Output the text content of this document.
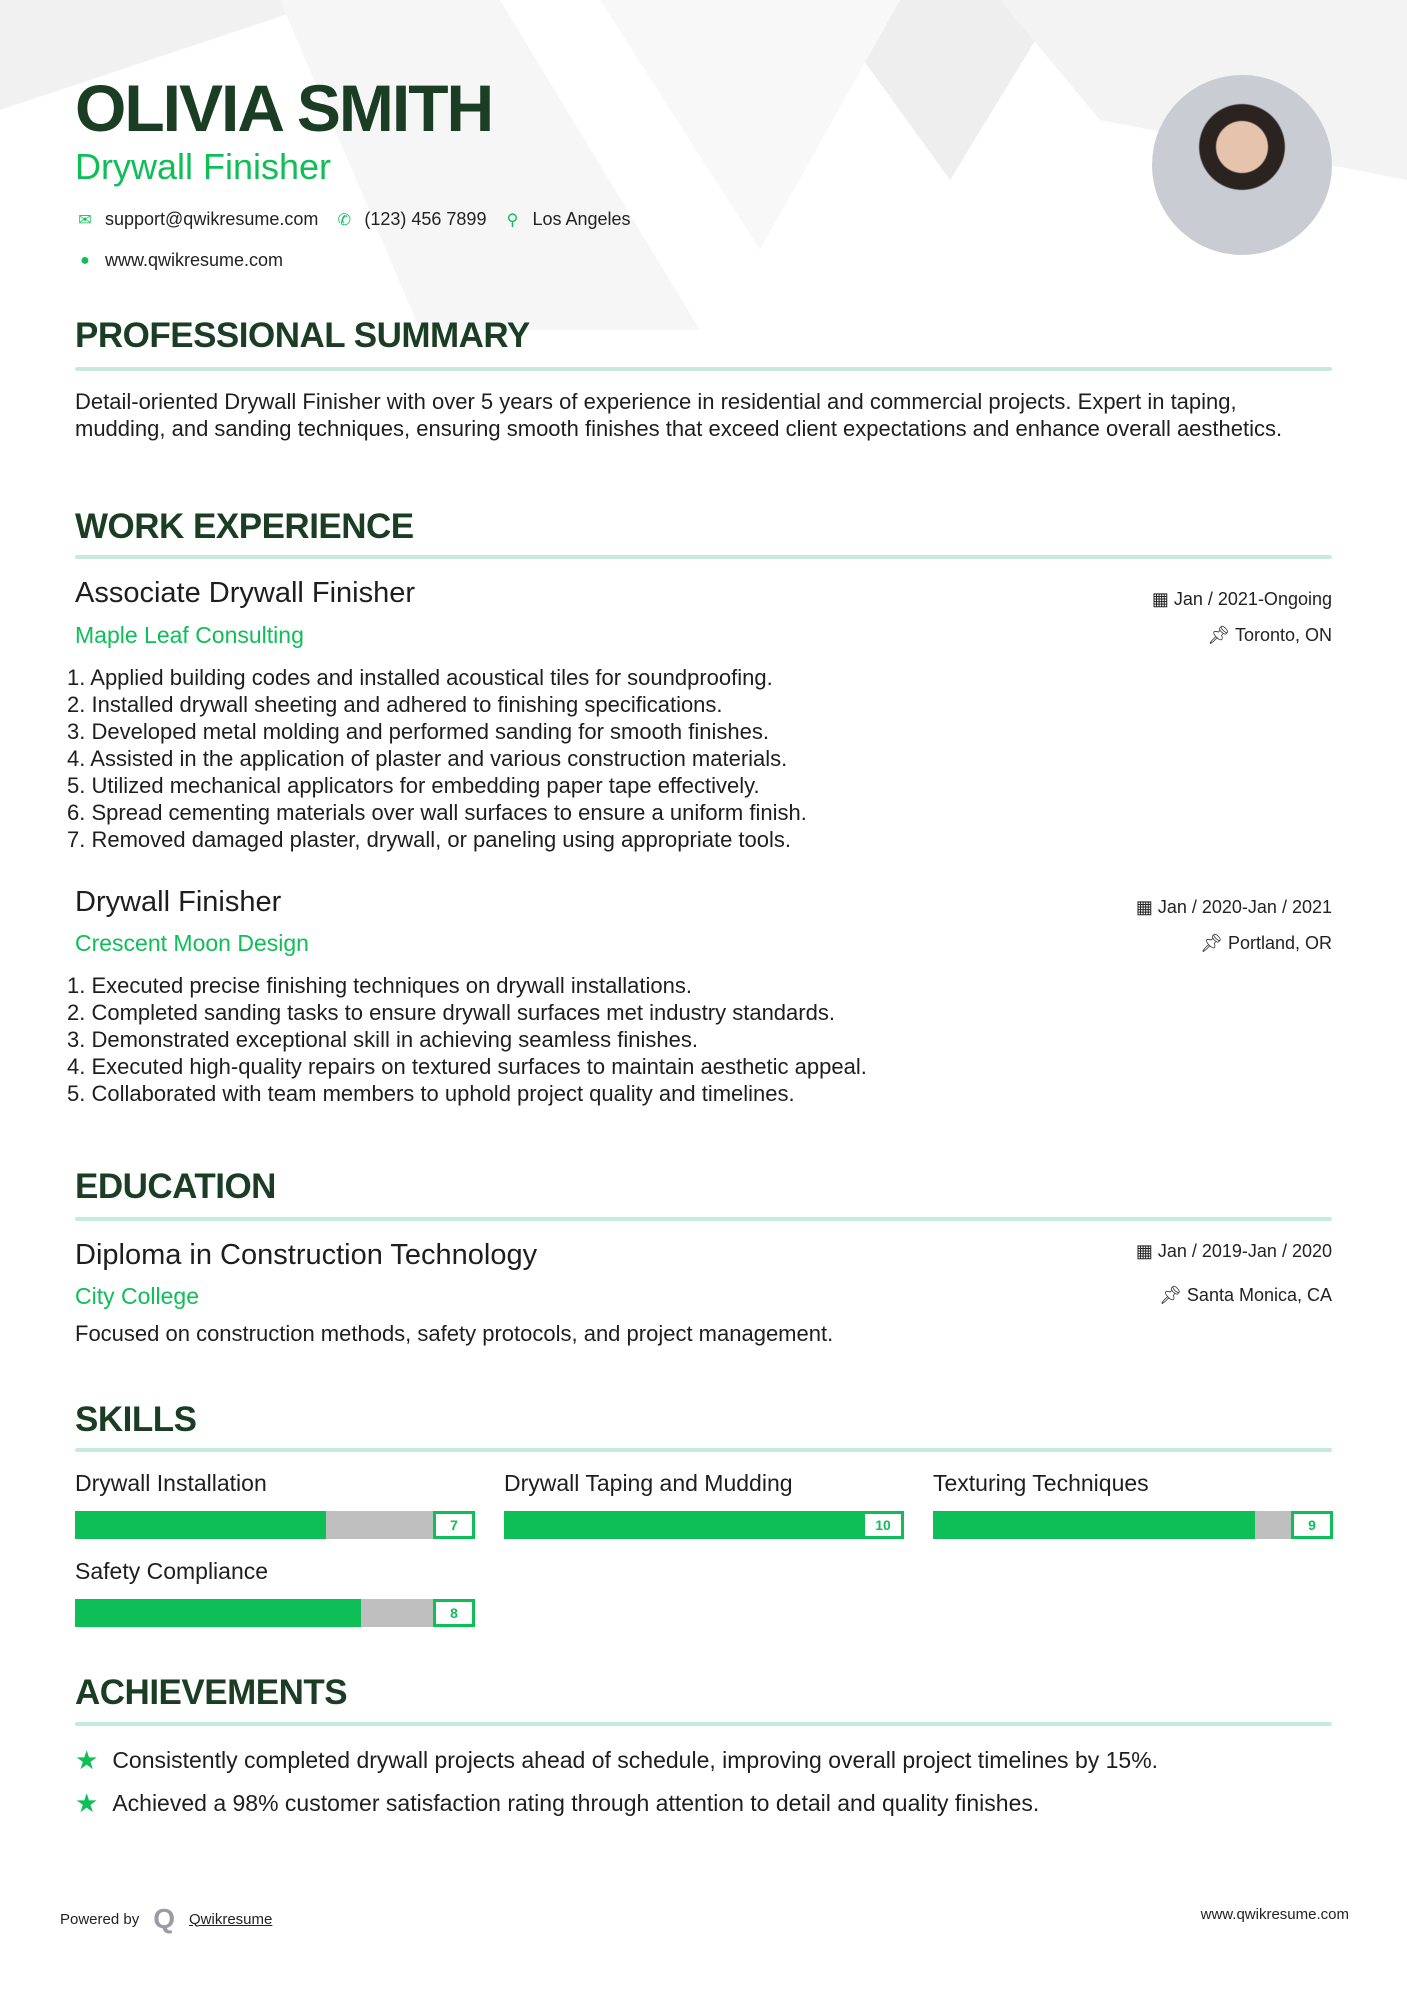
OLIVIA SMITH
Drywall Finisher
✉ support@qwikresume.com ✆ (123) 456 7899 ⚲ Los Angeles
● www.qwikresume.com
PROFESSIONAL SUMMARY
Detail-oriented Drywall Finisher with over 5 years of experience in residential and commercial projects. Expert in taping, mudding, and sanding techniques, ensuring smooth finishes that exceed client expectations and enhance overall aesthetics.
WORK EXPERIENCE
Associate Drywall Finisher
Maple Leaf Consulting
▦ Jan / 2021-Ongoing
📌︎ Toronto, ON
Applied building codes and installed acoustical tiles for soundproofing.
Installed drywall sheeting and adhered to finishing specifications.
Developed metal molding and performed sanding for smooth finishes.
Assisted in the application of plaster and various construction materials.
Utilized mechanical applicators for embedding paper tape effectively.
Spread cementing materials over wall surfaces to ensure a uniform finish.
Removed damaged plaster, drywall, or paneling using appropriate tools.
Drywall Finisher
Crescent Moon Design
▦ Jan / 2020-Jan / 2021
📌︎ Portland, OR
Executed precise finishing techniques on drywall installations.
Completed sanding tasks to ensure drywall surfaces met industry standards.
Demonstrated exceptional skill in achieving seamless finishes.
Executed high-quality repairs on textured surfaces to maintain aesthetic appeal.
Collaborated with team members to uphold project quality and timelines.
EDUCATION
Diploma in Construction Technology
City College
▦ Jan / 2019-Jan / 2020
📌︎ Santa Monica, CA
Focused on construction methods, safety protocols, and project management.
SKILLS
Drywall Installation
7
Drywall Taping and Mudding
10
Texturing Techniques
9
Safety Compliance
8
ACHIEVEMENTS
★ Consistently completed drywall projects ahead of schedule, improving overall project timelines by 15%.
★ Achieved a 98% customer satisfaction rating through attention to detail and quality finishes.
Powered by Q Qwikresume	www.qwikresume.com
